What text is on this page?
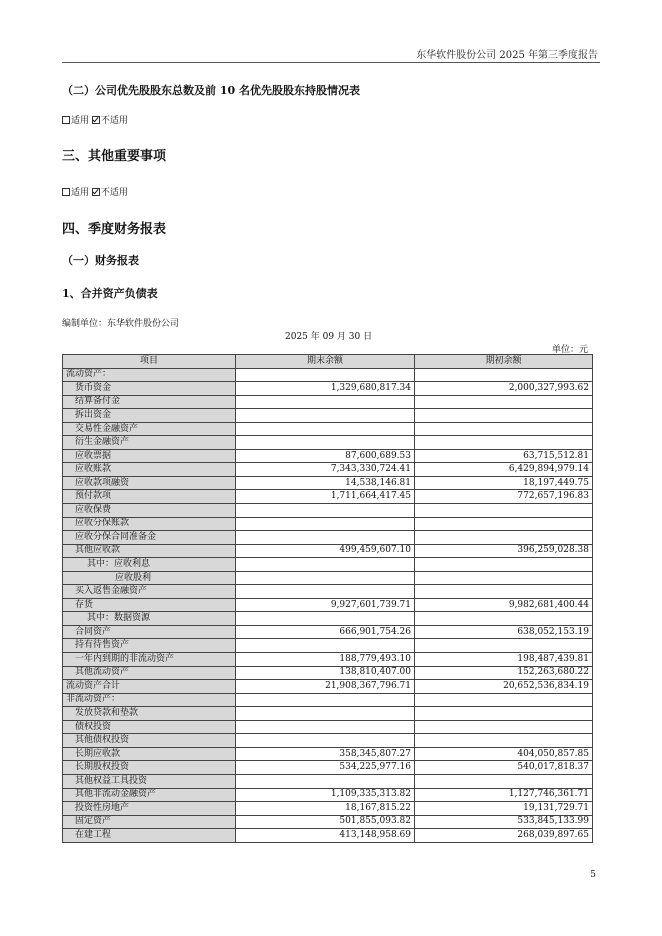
东华软件股份公司 2025 年第三季度报告
（二）公司优先股股东总数及前 10 名优先股股东持股情况表
适用 不适用
三、其他重要事项
适用 不适用
四、季度财务报表
（一）财务报表
1、合并资产负债表
编制单位：东华软件股份公司
2025 年 09 月 30 日
单位：元
项目	期末余额	期初余额
流动资产：		
货币资金	1,329,680,817.34	2,000,327,993.62
结算备付金		
拆出资金		
交易性金融资产		
衍生金融资产		
应收票据	87,600,689.53	63,715,512.81
应收账款	7,343,330,724.41	6,429,894,979.14
应收款项融资	14,538,146.81	18,197,449.75
预付款项	1,711,664,417.45	772,657,196.83
应收保费		
应收分保账款		
应收分保合同准备金		
其他应收款	499,459,607.10	396,259,028.38
其中：应收利息		
应收股利		
买入返售金融资产		
存货	9,927,601,739.71	9,982,681,400.44
其中：数据资源		
合同资产	666,901,754.26	638,052,153.19
持有待售资产		
一年内到期的非流动资产	188,779,493.10	198,487,439.81
其他流动资产	138,810,407.00	152,263,680.22
流动资产合计	21,908,367,796.71	20,652,536,834.19
非流动资产：		
发放贷款和垫款		
债权投资		
其他债权投资		
长期应收款	358,345,807.27	404,050,857.85
长期股权投资	534,225,977.16	540,017,818.37
其他权益工具投资		
其他非流动金融资产	1,109,335,313.82	1,127,746,361.71
投资性房地产	18,167,815.22	19,131,729.71
固定资产	501,855,093.82	533,845,133.99
在建工程	413,148,958.69	268,039,897.65
5
